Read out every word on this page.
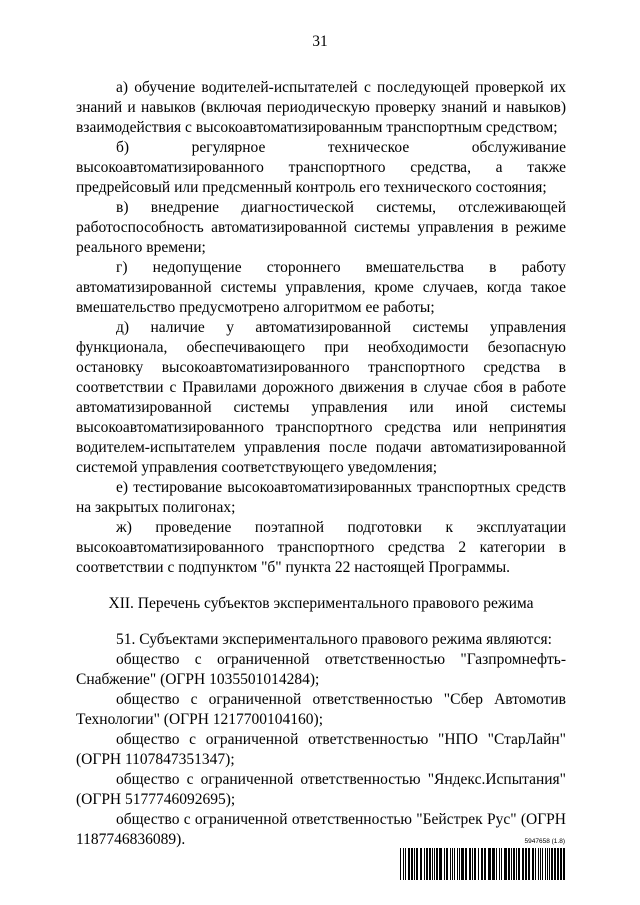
31

а) обучение водителей-испытателей с последующей проверкой их знаний и навыков (включая периодическую проверку знаний и навыков) взаимодействия с высокоавтоматизированным транспортным средством;

б) регулярное техническое обслуживание высокоавтоматизированного транспортного средства, а также предрейсовый или предсменный контроль его технического состояния;

в) внедрение диагностической системы, отслеживающей работоспособность автоматизированной системы управления в режиме реального времени;

г) недопущение стороннего вмешательства в работу автоматизированной системы управления, кроме случаев, когда такое вмешательство предусмотрено алгоритмом ее работы;

д) наличие у автоматизированной системы управления функционала, обеспечивающего при необходимости безопасную остановку высокоавтоматизированного транспортного средства в соответствии с Правилами дорожного движения в случае сбоя в работе автоматизированной системы управления или иной системы высокоавтоматизированного транспортного средства или непринятия водителем-испытателем управления после подачи автоматизированной системой управления соответствующего уведомления;

е) тестирование высокоавтоматизированных транспортных средств на закрытых полигонах;

ж) проведение поэтапной подготовки к эксплуатации высокоавтоматизированного транспортного средства 2 категории в соответствии с подпунктом "б" пункта 22 настоящей Программы.

XII. Перечень субъектов экспериментального правового режима

51. Субъектами экспериментального правового режима являются:

общество с ограниченной ответственностью "Газпромнефть-Снабжение" (ОГРН 1035501014284);

общество с ограниченной ответственностью "Сбер Автомотив Технологии" (ОГРН 1217700104160);

общество с ограниченной ответственностью "НПО "СтарЛайн" (ОГРН 1107847351347);

общество с ограниченной ответственностью "Яндекс.Испытания" (ОГРН 5177746092695);

общество с ограниченной ответственностью "Бейстрек Рус" (ОГРН 1187746836089).	5947658 (1.8)
